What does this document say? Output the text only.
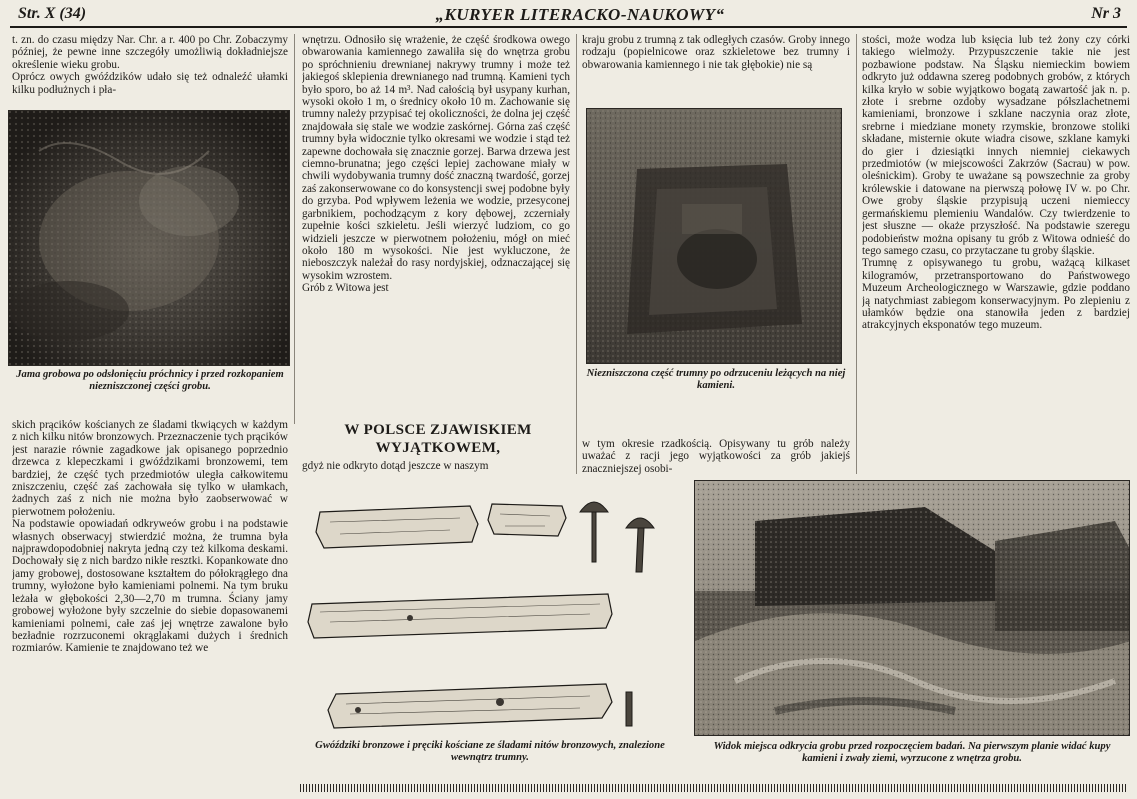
Str. X (34)	„KURYER LITERACKO-NAUKOWY“	Nr 3
t. zn. do czasu między Nar. Chr. a r. 400 po Chr. Zobaczymy później, że pewne inne szczegóły umożliwią dokładniejsze określenie wieku grobu.
Oprócz owych gwóździków udało się też odnaleźć ułamki kilku podłużnych i pła-
Jama grobowa po odsłonięciu próchnicy i przed rozkopaniem niezniszczonej części grobu.
skich prącików kościanych ze śladami tkwiących w każdym z nich kilku nitów bronzowych. Przeznaczenie tych prącików jest narazie równie zagadkowe jak opisanego poprzednio drzewca z klepeczkami i gwóździkami bronzowemi, tem bardziej, że część tych przedmiotów uległa całkowitemu zniszczeniu, część zaś zachowała się tylko w ułamkach, żadnych zaś z nich nie można było zaobserwować w pierwotnem położeniu.
Na podstawie opowiadań odkryweów grobu i na podstawie własnych obserwacyj stwierdzić można, że trumna była najprawdopodobniej nakryta jedną czy też kilkoma deskami. Dochowały się z nich bardzo nikłe resztki. Kopankowate dno jamy grobowej, dostosowane kształtem do półokrągłego dna trumny, wyłożone było kamieniami polnemi. Na tym bruku leżała w głębokości 2,30—2,70 m trumna. Ściany jamy grobowej wyłożone były szczelnie do siebie dopasowanemi kamieniami polnemi, całe zaś jej wnętrze zawalone było bezładnie rozrzuconemi okrąglakami dużych i średnich rozmiarów. Kamienie te znajdowano też we
wnętrzu. Odnosiło się wrażenie, że część środkowa owego obwarowania kamiennego zawaliła się do wnętrza grobu po spróchnieniu drewnianej nakrywy trumny i może też jakiegoś sklepienia drewnianego nad trumną. Kamieni tych było sporo, bo aż 14 m³. Nad całością był usypany kurhan, wysoki około 1 m, o średnicy około 10 m. Zachowanie się trumny należy przypisać tej okoliczności, że dolna jej część znajdowała się stale we wodzie zaskórnej. Górna zaś część trumny była widocznie tylko okresami we wodzie i stąd też zapewne dochowała się znacznie gorzej. Barwa drzewa jest ciemno-brunatna; jego części lepiej zachowane miały w chwili wydobywania trumny dość znaczną twardość, gorzej zaś zakonserwowane co do konsystencji swej podobne były do grzyba. Pod wpływem leżenia we wodzie, przesyconej garbnikiem, pochodzącym z kory dębowej, zczerniały zupełnie kości szkieletu. Jeśli wierzyć ludziom, co go widzieli jeszcze w pierwotnem położeniu, mógł on mieć około 180 m wysokości. Nie jest wykluczone, że nieboszczyk należał do rasy nordyjskiej, odznaczającej się wysokim wzrostem.
Grób z Witowa jest
W POLSCE ZJAWISKIEM WYJĄTKOWEM,
gdyż nie odkryto dotąd jeszcze w naszym
kraju grobu z trumną z tak odległych czasów. Groby innego rodzaju (popielnicowe oraz szkieletowe bez trumny i obwarowania kamiennego i nie tak głębokie) nie są
Niezniszczona część trumny po odrzuceniu leżących na niej kamieni.
w tym okresie rzadkością. Opisywany tu grób należy uważać z racji jego wyjątkowości za grób jakiejś znaczniejszej osobi-
stości, może wodza lub księcia lub też żony czy córki takiego wielmoży. Przypuszczenie takie nie jest pozbawione podstaw. Na Śląsku niemieckim bowiem odkryto już oddawna szereg podobnych grobów, z których kilka kryło w sobie wyjątkowo bogatą zawartość jak n. p. złote i srebrne ozdoby wysadzane półszlachetnemi kamieniami, bronzowe i szklane naczynia oraz złote, srebrne i miedziane monety rzymskie, bronzowe stoliki składane, misternie okute wiadra cisowe, szklane kamyki do gier i dziesiątki innych niemniej ciekawych przedmiotów (w miejscowości Zakrzów (Sacrau) w pow. oleśnickim). Groby te uważane są powszechnie za groby królewskie i datowane na pierwszą połowę IV w. po Chr. Owe groby śląskie przypisują uczeni niemieccy germańskiemu plemieniu Wandalów. Czy twierdzenie to jest słuszne — okaże przyszłość. Na podstawie szeregu podobieństw można opisany tu grób z Witowa odnieść do tego samego czasu, co przytaczane tu groby śląskie.
Trumnę z opisywanego tu grobu, ważącą kilkaset kilogramów, przetransportowano do Państwowego Muzeum Archeologicznego w Warszawie, gdzie poddano ją natychmiast zabiegom konserwacyjnym. Po zlepieniu z ułamków będzie ona stanowiła jeden z bardziej atrakcyjnych eksponatów tego muzeum.
Gwóździki bronzowe i pręciki kościane ze śladami nitów bronzowych, znalezione wewnątrz trumny.
Widok miejsca odkrycia grobu przed rozpoczęciem badań. Na pierwszym planie widać kupy kamieni i zwały ziemi, wyrzucone z wnętrza grobu.
